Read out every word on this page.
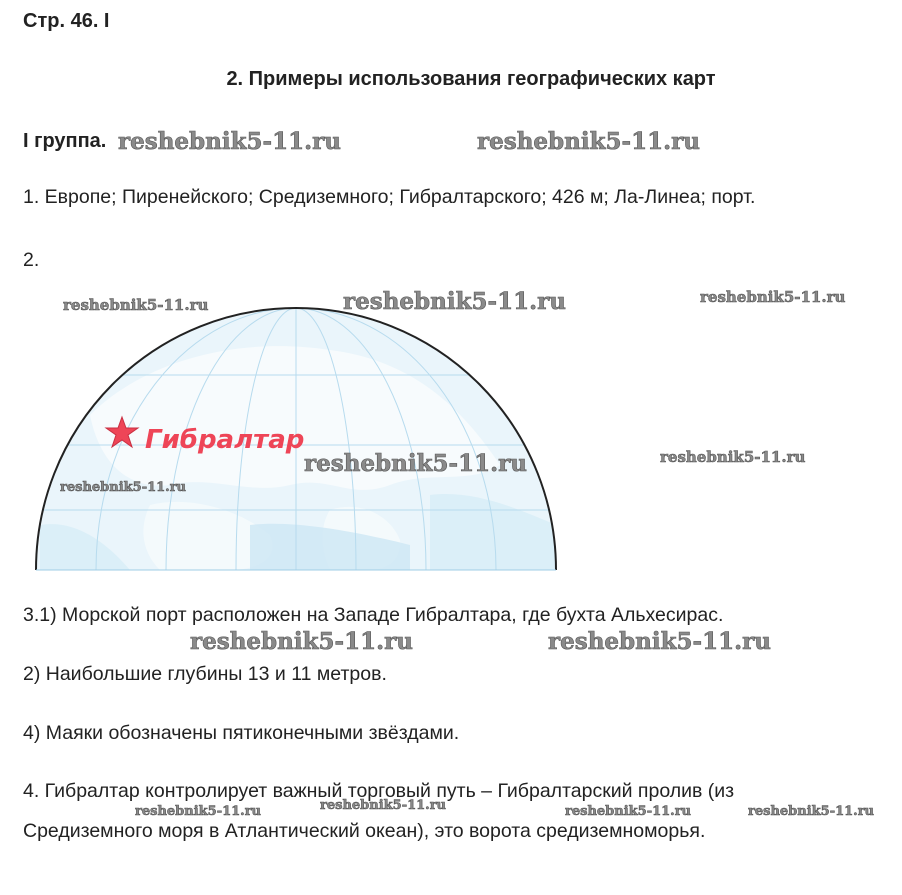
Стр. 46. I
2. Примеры использования географических карт
I группа.
1. Европе; Пиренейского; Средиземного; Гибралтарского; 426 м; Ла-Линеа; порт.
2.
Гибралтар
3.1) Морской порт расположен на Западе Гибралтара, где бухта Альхесирас.
2) Наибольшие глубины 13 и 11 метров.
4) Маяки обозначены пятиконечными звёздами.
4. Гибралтар контролирует важный торговый путь – Гибралтарский пролив (из
Средиземного моря в Атлантический океан), это ворота средиземноморья.
reshebnik5-11.ru	reshebnik5-11.ru
reshebnik5-11.ru	reshebnik5-11.ru	reshebnik5-11.ru
reshebnik5-11.ru	reshebnik5-11.ru
reshebnik5-11.ru
reshebnik5-11.ru	reshebnik5-11.ru
reshebnik5-11.ru	reshebnik5-11.ru	reshebnik5-11.ru	reshebnik5-11.ru
